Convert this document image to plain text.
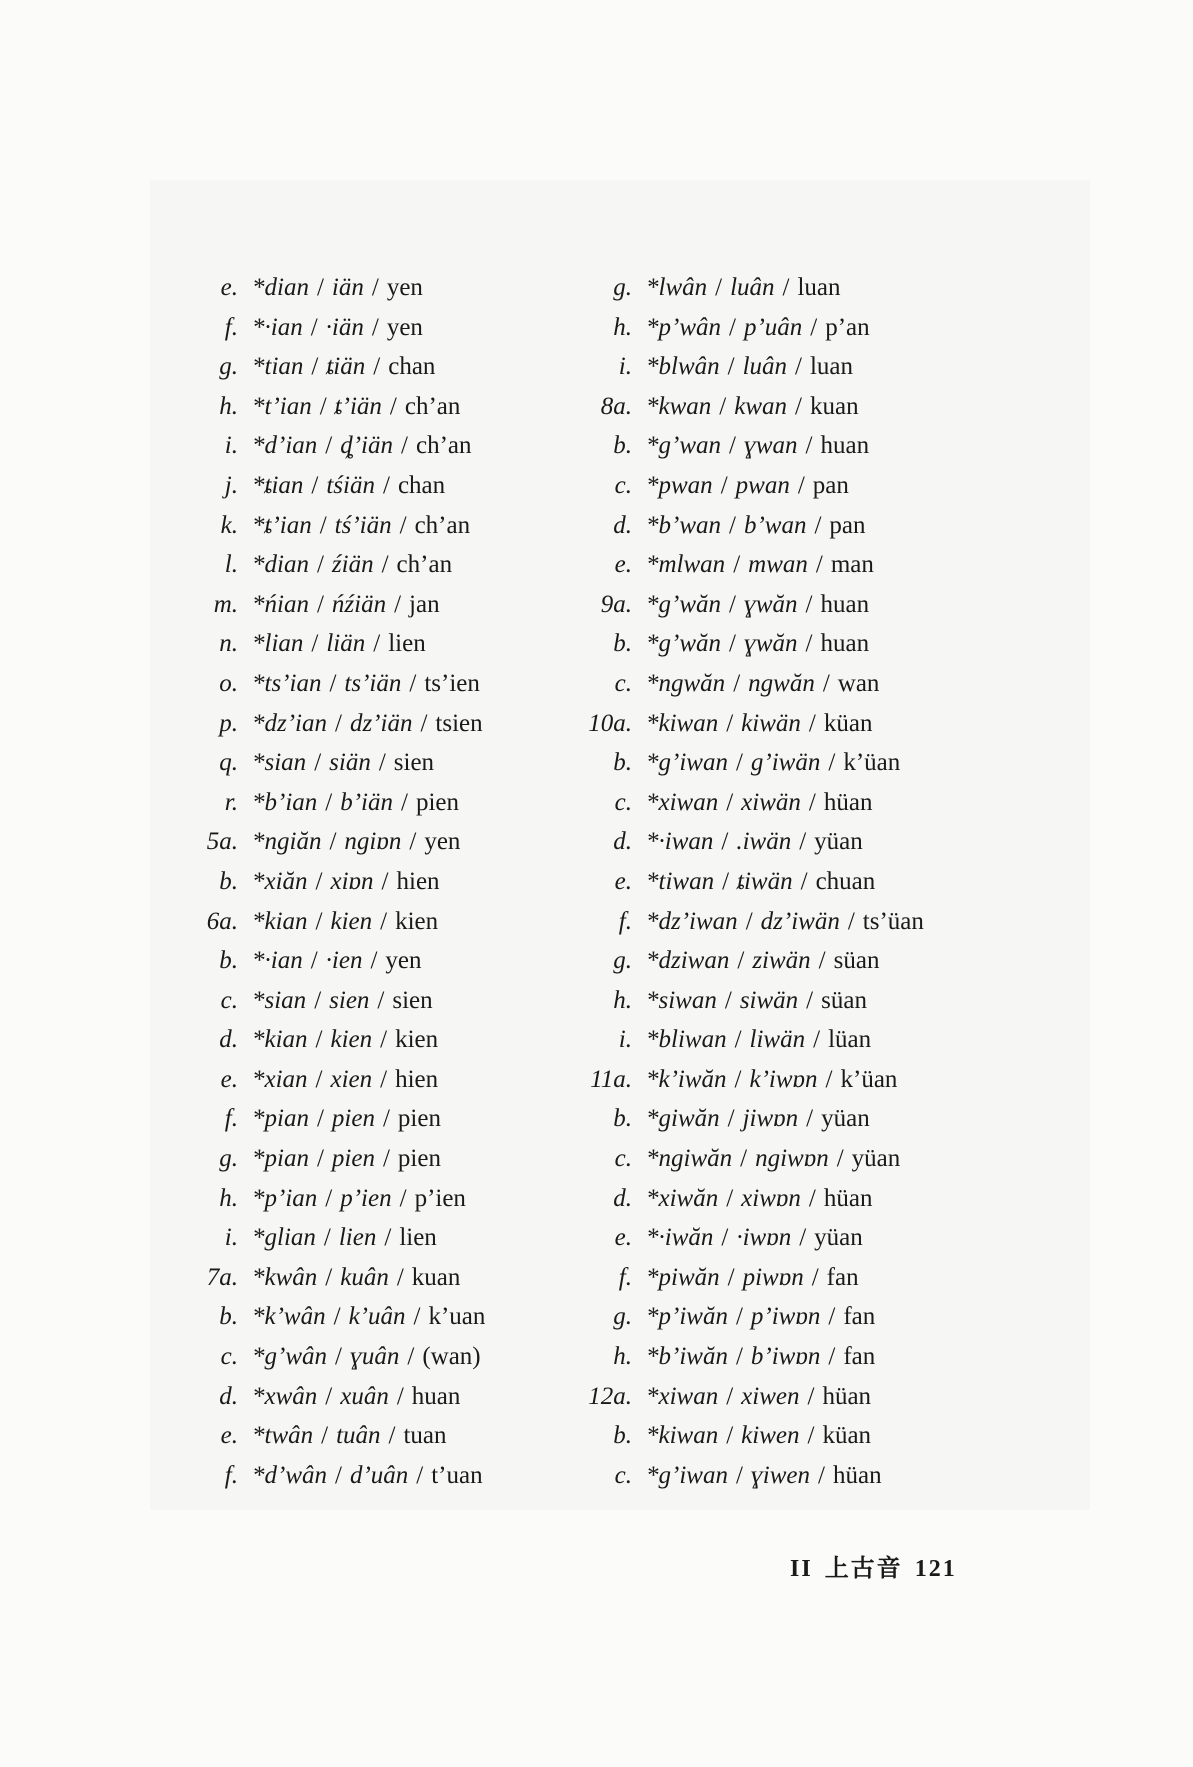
e. *dian / iän / yen
f. *·ian / ·iän / yen
g. *tian / ȶiän / chan
h. *t’ian / ȶ’iän / ch’an
i. *d’ian / ȡ’iän / ch’an
j. *ȶian / tśiän / chan
k. *ȶ’ian / tś’iän / ch’an
l. *dian / źiän / ch’an
m. *ńian / ńźiän / jan
n. *lian / liän / lien
o. *ts’ian / ts’iän / ts’ien
p. *dz’ian / dz’iän / tsien
q. *sian / siän / sien
r. *b’ian / b’iän / pien
5a. *ngiăn / ngiɒn / yen
b. *xiăn / xiɒn / hien
6a. *kian / kien / kien
b. *·ian / ·ien / yen
c. *sian / sien / sien
d. *kian / kien / kien
e. *xian / xien / hien
f. *pian / pien / pien
g. *pian / pien / pien
h. *p’ian / p’ien / p’ien
i. *glian / lien / lien
7a. *kwân / kuân / kuan
b. *k’wân / k’uân / k’uan
c. *g’wân / ɣuân / (wan)
d. *xwân / xuân / huan
e. *twân / tuân / tuan
f. *d’wân / d’uân / t’uan
g. *lwân / luân / luan
h. *p’wân / p’uân / p’an
i. *blwân / luân / luan
8a. *kwan / kwan / kuan
b. *g’wan / ɣwan / huan
c. *pwan / pwan / pan
d. *b’wan / b’wan / pan
e. *mlwan / mwan / man
9a. *g’wăn / ɣwăn / huan
b. *g’wăn / ɣwăn / huan
c. *ngwăn / ngwăn / wan
10a. *kiwan / kiwän / küan
b. *g’iwan / g’iwän / k’üan
c. *xiwan / xiwän / hüan
d. *·iwan / .iwän / yüan
e. *tiwan / ȶiwän / chuan
f. *dz’iwan / dz’iwän / ts’üan
g. *dziwan / ziwän / süan
h. *siwan / siwän / süan
i. *bliwan / liwän / lüan
11a. *k’iwăn / k’iwɒn / k’üan
b. *giwăn / jiwɒn / yüan
c. *ngiwăn / ngiwɒn / yüan
d. *xiwăn / xiwɒn / hüan
e. *·iwăn / ·iwɒn / yüan
f. *piwăn / piwɒn / fan
g. *p’iwăn / p’iwɒn / fan
h. *b’iwăn / b’iwɒn / fan
12a. *xiwan / xiwen / hüan
b. *kiwan / kiwen / küan
c. *g’iwan / ɣiwen / hüan
II 上古音 121
